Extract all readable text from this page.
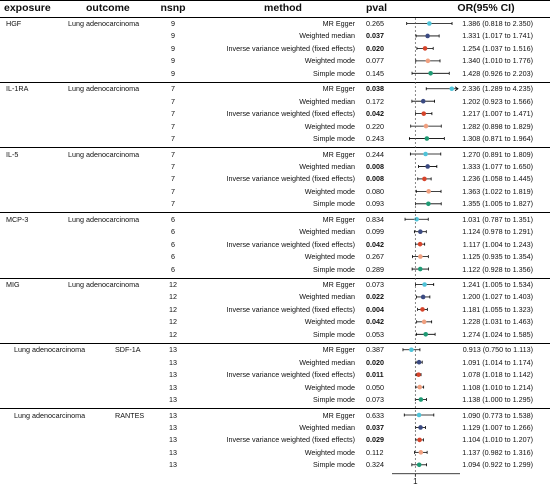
exposure	outcome	nsnp	method	pval	OR(95% CI)
HGF	Lung adenocarcinoma	9	MR Egger 0.265	1.386 (0.818 to 2.350)
9	Weighted median 0.037	1.331 (1.017 to 1.741)
9	Inverse variance weighted (fixed effects) 0.020	1.254 (1.037 to 1.516)
9	Weighted mode 0.077	1.340 (1.010 to 1.776)
9	Simple mode 0.145	1.428 (0.926 to 2.203)
IL-1RA	Lung adenocarcinoma	7	MR Egger 0.038	2.336 (1.289 to 4.235)
7	Weighted median 0.172	1.202 (0.923 to 1.566)
7	Inverse variance weighted (fixed effects) 0.042	1.217 (1.007 to 1.471)
7	Weighted mode 0.220	1.282 (0.898 to 1.829)
7	Simple mode 0.243	1.308 (0.871 to 1.964)
IL-5	Lung adenocarcinoma	7	MR Egger 0.244	1.270 (0.891 to 1.809)
7	Weighted median 0.008	1.333 (1.077 to 1.650)
7	Inverse variance weighted (fixed effects) 0.008	1.236 (1.058 to 1.445)
7	Weighted mode 0.080	1.363 (1.022 to 1.819)
7	Simple mode 0.093	1.355 (1.005 to 1.827)
MCP-3	Lung adenocarcinoma	6	MR Egger 0.834	1.031 (0.787 to 1.351)
6	Weighted median 0.099	1.124 (0.978 to 1.291)
6	Inverse variance weighted (fixed effects) 0.042	1.117 (1.004 to 1.243)
6	Weighted mode 0.267	1.125 (0.935 to 1.354)
6	Simple mode 0.289	1.122 (0.928 to 1.356)
MIG	Lung adenocarcinoma	12	MR Egger 0.073	1.241 (1.005 to 1.534)
12	Weighted median 0.022	1.200 (1.027 to 1.403)
12	Inverse variance weighted (fixed effects) 0.004	1.181 (1.055 to 1.323)
12	Weighted mode 0.042	1.228 (1.031 to 1.463)
12	Simple mode 0.053	1.274 (1.024 to 1.585)
Lung adenocarcinoma	SDF-1A	13	MR Egger 0.387	0.913 (0.750 to 1.113)
13	Weighted median 0.020	1.091 (1.014 to 1.174)
13	Inverse variance weighted (fixed effects) 0.011	1.078 (1.018 to 1.142)
13	Weighted mode 0.050	1.108 (1.010 to 1.214)
13	Simple mode 0.073	1.138 (1.000 to 1.295)
Lung adenocarcinoma	RANTES	13	MR Egger 0.633	1.090 (0.773 to 1.538)
13	Weighted median 0.037	1.129 (1.007 to 1.266)
13	Inverse variance weighted (fixed effects) 0.029	1.104 (1.010 to 1.207)
13	Weighted mode 0.112	1.137 (0.982 to 1.316)
13	Simple mode 0.324	1.094 (0.922 to 1.299)
1
